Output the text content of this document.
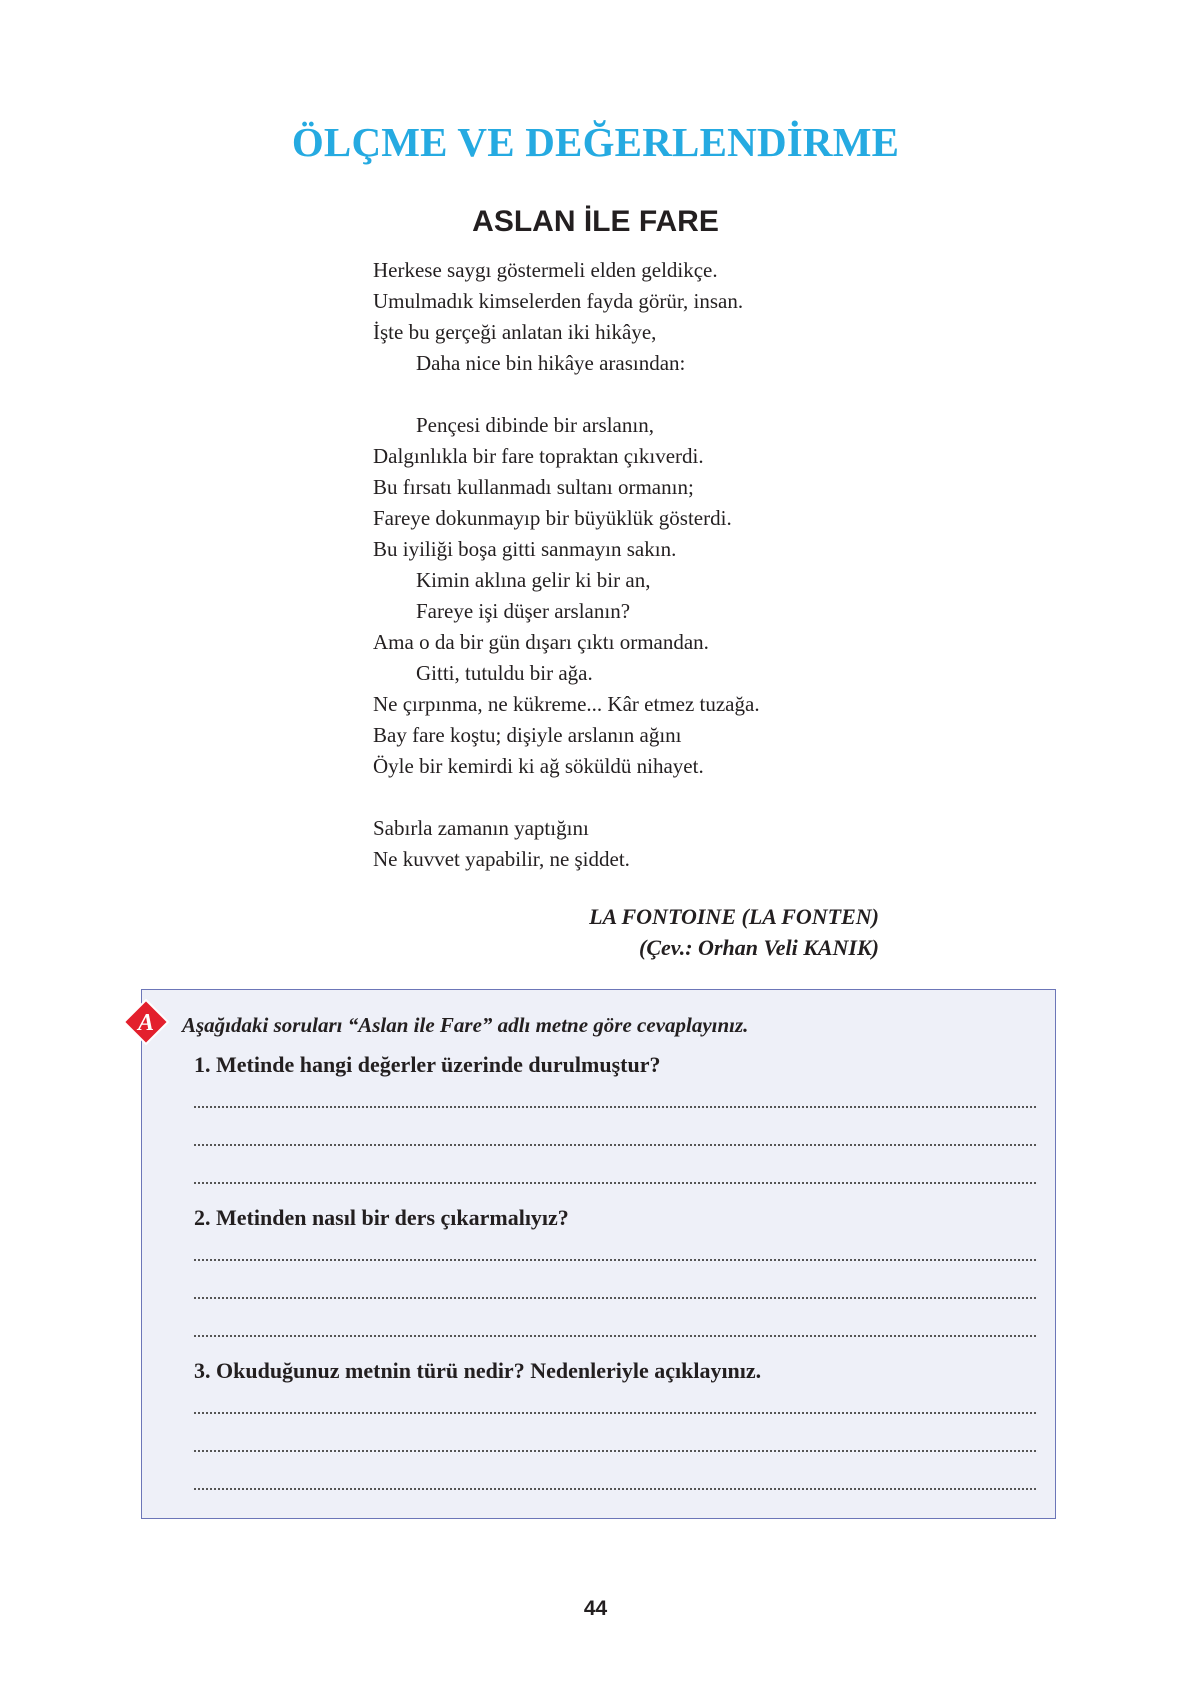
ÖLÇME VE DEĞERLENDİRME
ASLAN İLE FARE
Herkese saygı göstermeli elden geldikçe.
Umulmadık kimselerden fayda görür, insan.
İşte bu gerçeği anlatan iki hikâye,
Daha nice bin hikâye arasından:
Pençesi dibinde bir arslanın,
Dalgınlıkla bir fare topraktan çıkıverdi.
Bu fırsatı kullanmadı sultanı ormanın;
Fareye dokunmayıp bir büyüklük gösterdi.
Bu iyiliği boşa gitti sanmayın sakın.
Kimin aklına gelir ki bir an,
Fareye işi düşer arslanın?
Ama o da bir gün dışarı çıktı ormandan.
Gitti, tutuldu bir ağa.
Ne çırpınma, ne kükreme... Kâr etmez tuzağa.
Bay fare koştu; dişiyle arslanın ağını
Öyle bir kemirdi ki ağ söküldü nihayet.
Sabırla zamanın yaptığını
Ne kuvvet yapabilir, ne şiddet.
LA FONTOINE (LA FONTEN)
(Çev.: Orhan Veli KANIK)
A Aşağıdaki soruları “Aslan ile Fare” adlı metne göre cevaplayınız.
1. Metinde hangi değerler üzerinde durulmuştur?
2. Metinden nasıl bir ders çıkarmalıyız?
3. Okuduğunuz metnin türü nedir? Nedenleriyle açıklayınız.
44
